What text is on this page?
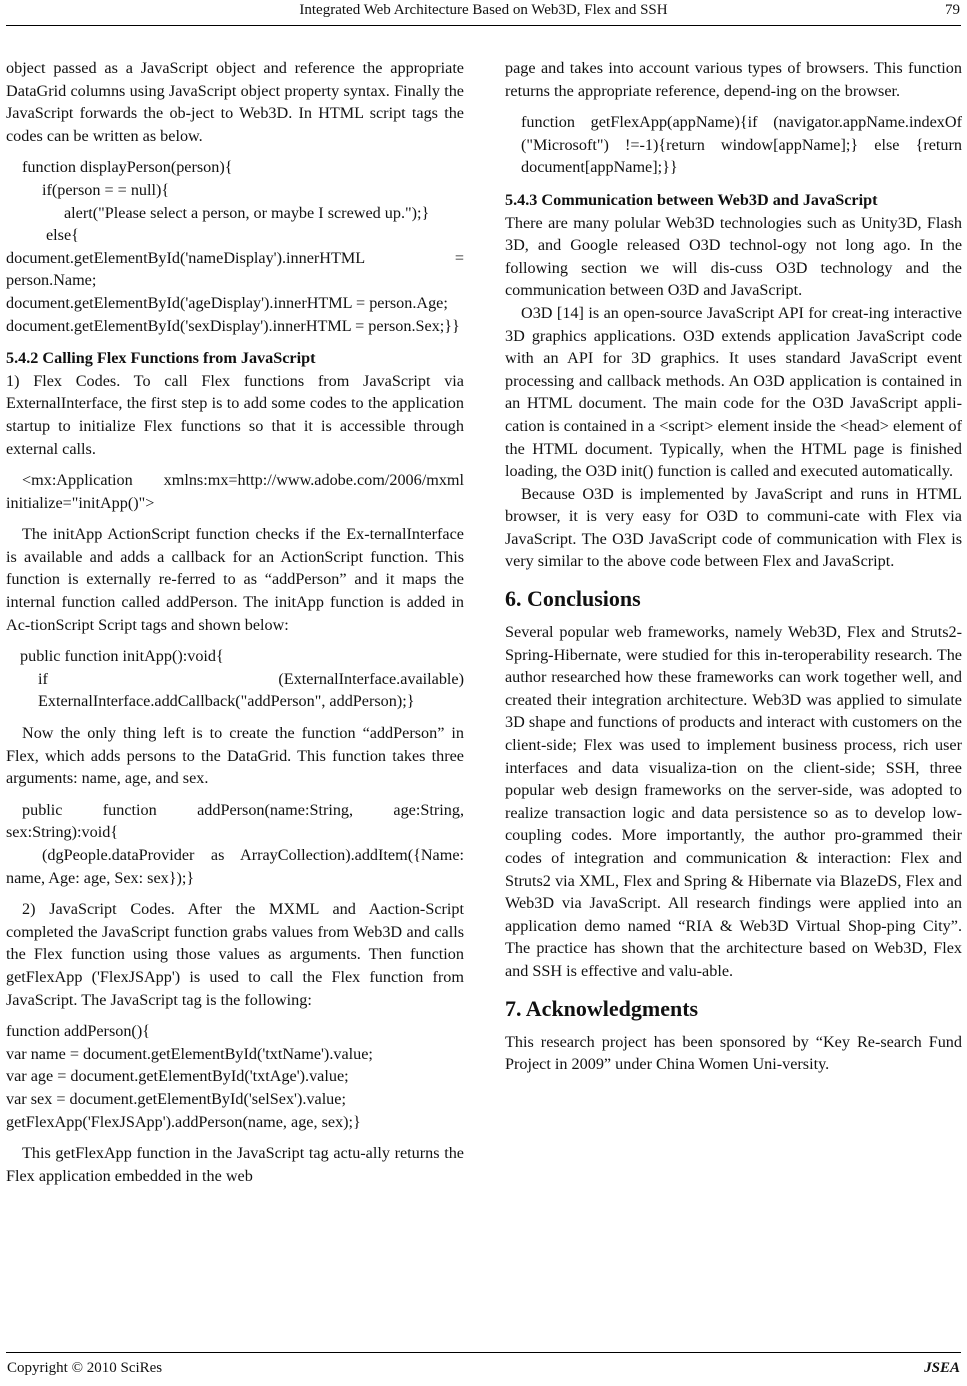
Integrated Web Architecture Based on Web3D, Flex and SSH	79

object passed as a JavaScript object and reference the appropriate DataGrid columns using JavaScript object property syntax. Finally the JavaScript forwards the ob-ject to Web3D. In HTML script tags the codes can be written as below.

function displayPerson(person){

if(person = = null){

alert("Please select a person, or maybe I screwed up.");}

else{

document.getElementById('nameDisplay').innerHTML = person.Name;

document.getElementById('ageDisplay').innerHTML = person.Age;

document.getElementById('sexDisplay').innerHTML = person.Sex;}}

5.4.2 Calling Flex Functions from JavaScript

1) Flex Codes. To call Flex functions from JavaScript via ExternalInterface, the first step is to add some codes to the application startup to initialize Flex functions so that it is accessible through external calls.

<mx:Application xmlns:mx=http://www.adobe.com/2006/mxml initialize="initApp()">

The initApp ActionScript function checks if the Ex-ternalInterface is available and adds a callback for an ActionScript function. This function is externally re-ferred to as “addPerson” and it maps the internal function called addPerson. The initApp function is added in Ac-tionScript Script tags and shown below:

public function initApp():void{

if (ExternalInterface.available) ExternalInterface.addCallback("addPerson", addPerson);}

Now the only thing left is to create the function “addPerson” in Flex, which adds persons to the DataGrid. This function takes three arguments: name, age, and sex.

public function addPerson(name:String, age:String, sex:String):void{

(dgPeople.dataProvider as ArrayCollection).addItem({Name: name, Age: age, Sex: sex});}

2) JavaScript Codes. After the MXML and Aaction-Script completed the JavaScript function grabs values from Web3D and calls the Flex function using those values as arguments. Then function getFlexApp ('FlexJSApp') is used to call the Flex function from JavaScript. The JavaScript tag is the following:

function addPerson(){

var name = document.getElementById('txtName').value;

var age = document.getElementById('txtAge').value;

var sex = document.getElementById('selSex').value;

getFlexApp('FlexJSApp').addPerson(name, age, sex);}

This getFlexApp function in the JavaScript tag actu-ally returns the Flex application embedded in the web

page and takes into account various types of browsers. This function returns the appropriate reference, depend-ing on the browser.

function getFlexApp(appName){if (navigator.appName.indexOf ("Microsoft") !=-1){return window[appName];} else {return document[appName];}}

5.4.3 Communication between Web3D and JavaScript

There are many polular Web3D technologies such as Unity3D, Flash 3D, and Google released O3D technol-ogy not long ago. In the following section we will dis-cuss O3D technology and the communication between O3D and JavaScript.

O3D [14] is an open-source JavaScript API for creat-ing interactive 3D graphics applications. O3D extends application JavaScript code with an API for 3D graphics. It uses standard JavaScript event processing and callback methods. An O3D application is contained in an HTML document. The main code for the O3D JavaScript appli-cation is contained in a <script> element inside the <head> element of the HTML document. Typically, when the HTML page is finished loading, the O3D init() function is called and executed automatically.

Because O3D is implemented by JavaScript and runs in HTML browser, it is very easy for O3D to communi-cate with Flex via JavaScript. The O3D JavaScript code of communication with Flex is very similar to the above code between Flex and JavaScript.

6. Conclusions

Several popular web frameworks, namely Web3D, Flex and Struts2-Spring-Hibernate, were studied for this in-teroperability research. The author researched how these frameworks can work together well, and created their integration architecture. Web3D was applied to simulate 3D shape and functions of products and interact with customers on the client-side; Flex was used to implement business process, rich user interfaces and data visualiza-tion on the client-side; SSH, three popular web design frameworks on the server-side, was adopted to realize transaction logic and data persistence so as to develop low-coupling codes. More importantly, the author pro-grammed their codes of integration and communication & interaction: Flex and Struts2 via XML, Flex and Spring & Hibernate via BlazeDS, Flex and Web3D via JavaScript. All research findings were applied into an application demo named “RIA & Web3D Virtual Shop-ping City”. The practice has shown that the architecture based on Web3D, Flex and SSH is effective and valu-able.

7. Acknowledgments

This research project has been sponsored by “Key Re-search Fund Project in 2009” under China Women Uni-versity.

Copyright © 2010 SciRes	JSEA
